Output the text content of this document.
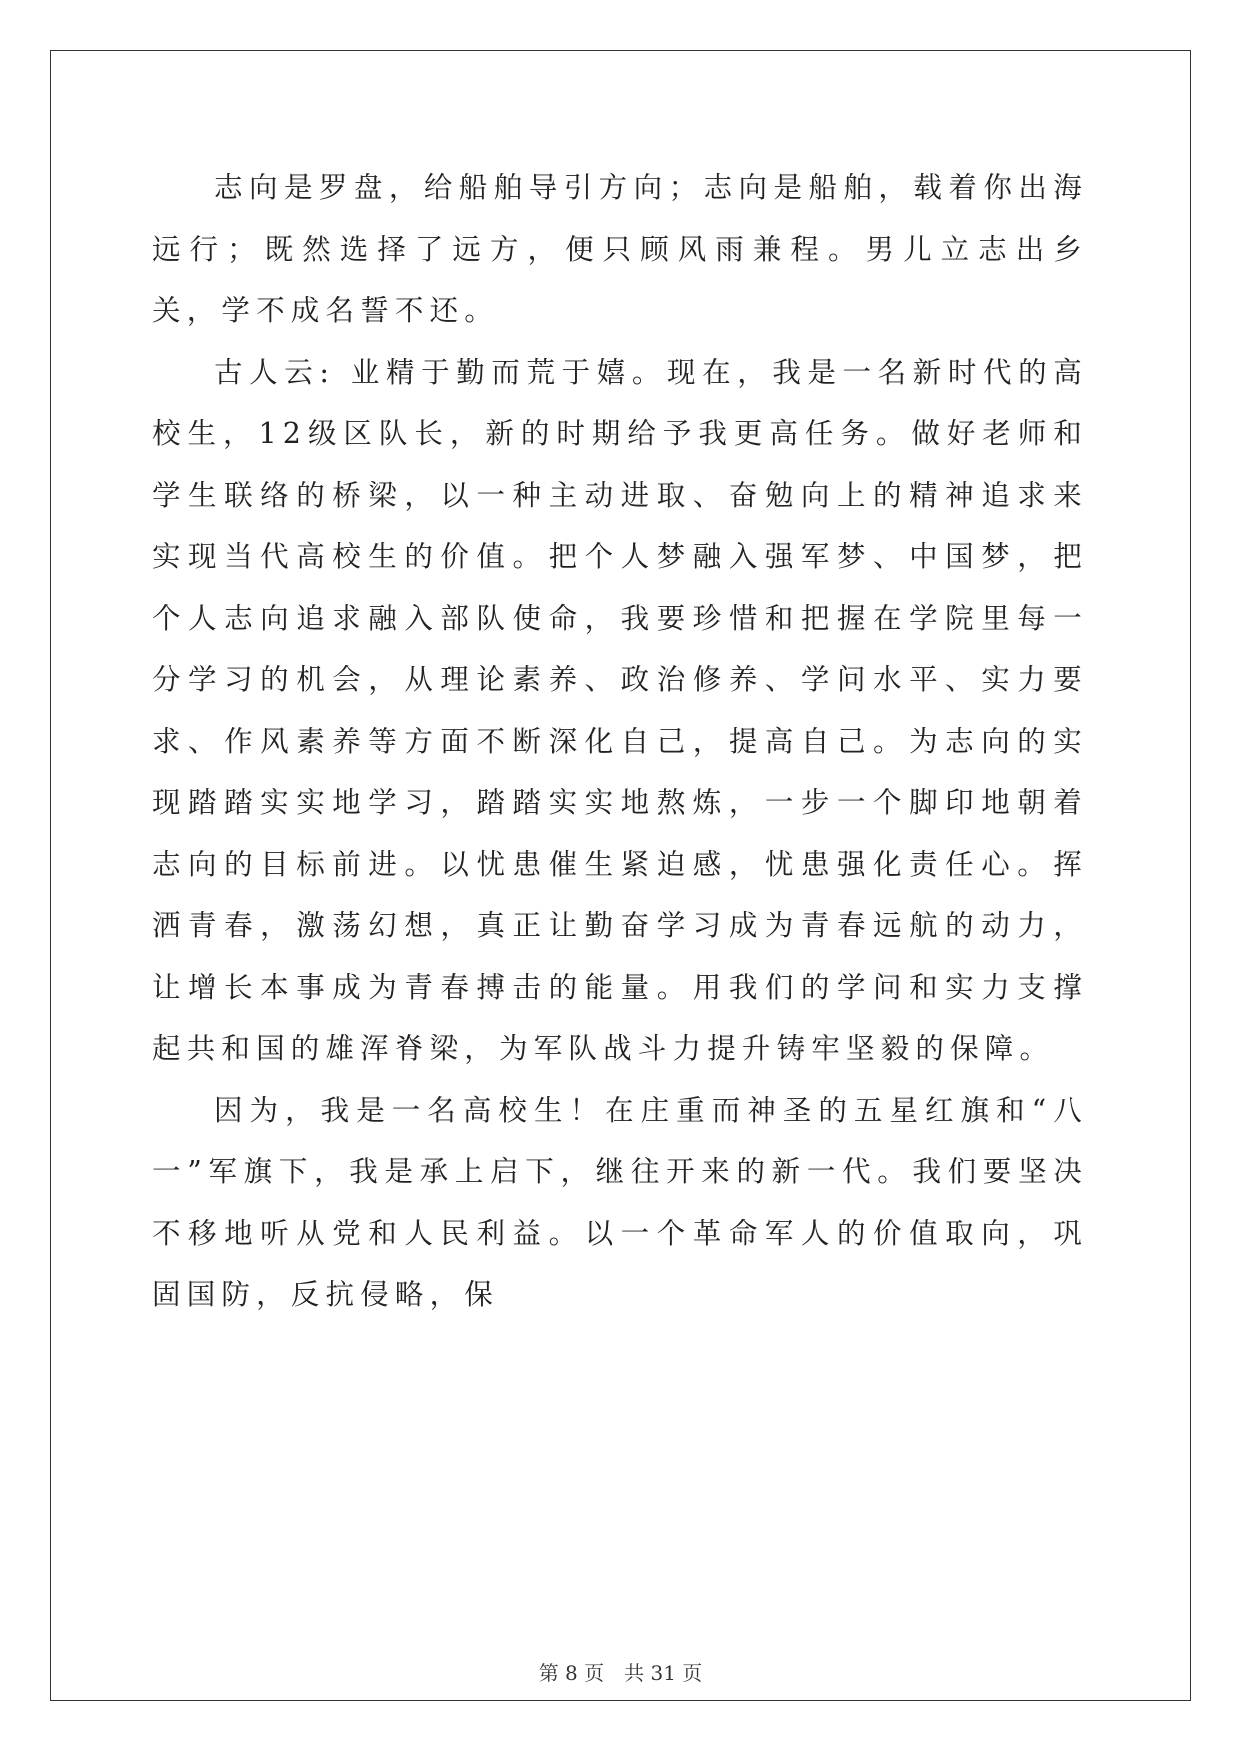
志向是罗盘，给船舶导引方向；志向是船舶，载着你出海远行；既然选择了远方，便只顾风雨兼程。男儿立志出乡关，学不成名誓不还。

古人云: 业精于勤而荒于嬉。现在，我是一名新时代的高校生，12级区队长，新的时期给予我更高任务。做好老师和学生联络的桥梁，以一种主动进取、奋勉向上的精神追求来实现当代高校生的价值。把个人梦融入强军梦、中国梦，把个人志向追求融入部队使命，我要珍惜和把握在学院里每一分学习的机会，从理论素养、政治修养、学问水平、实力要求、作风素养等方面不断深化自己，提高自己。为志向的实现踏踏实实地学习，踏踏实实地熬炼，一步一个脚印地朝着志向的目标前进。以忧患催生紧迫感，忧患强化责任心。挥洒青春，激荡幻想，真正让勤奋学习成为青春远航的动力，让增长本事成为青春搏击的能量。用我们的学问和实力支撑起共和国的雄浑脊梁，为军队战斗力提升铸牢坚毅的保障。

因为，我是一名高校生！在庄重而神圣的五星红旗和“八一”军旗下，我是承上启下，继往开来的新一代。我们要坚决不移地听从党和人民利益。以一个革命军人的价值取向，巩固国防，反抗侵略，保

第 8 页　共 31 页
